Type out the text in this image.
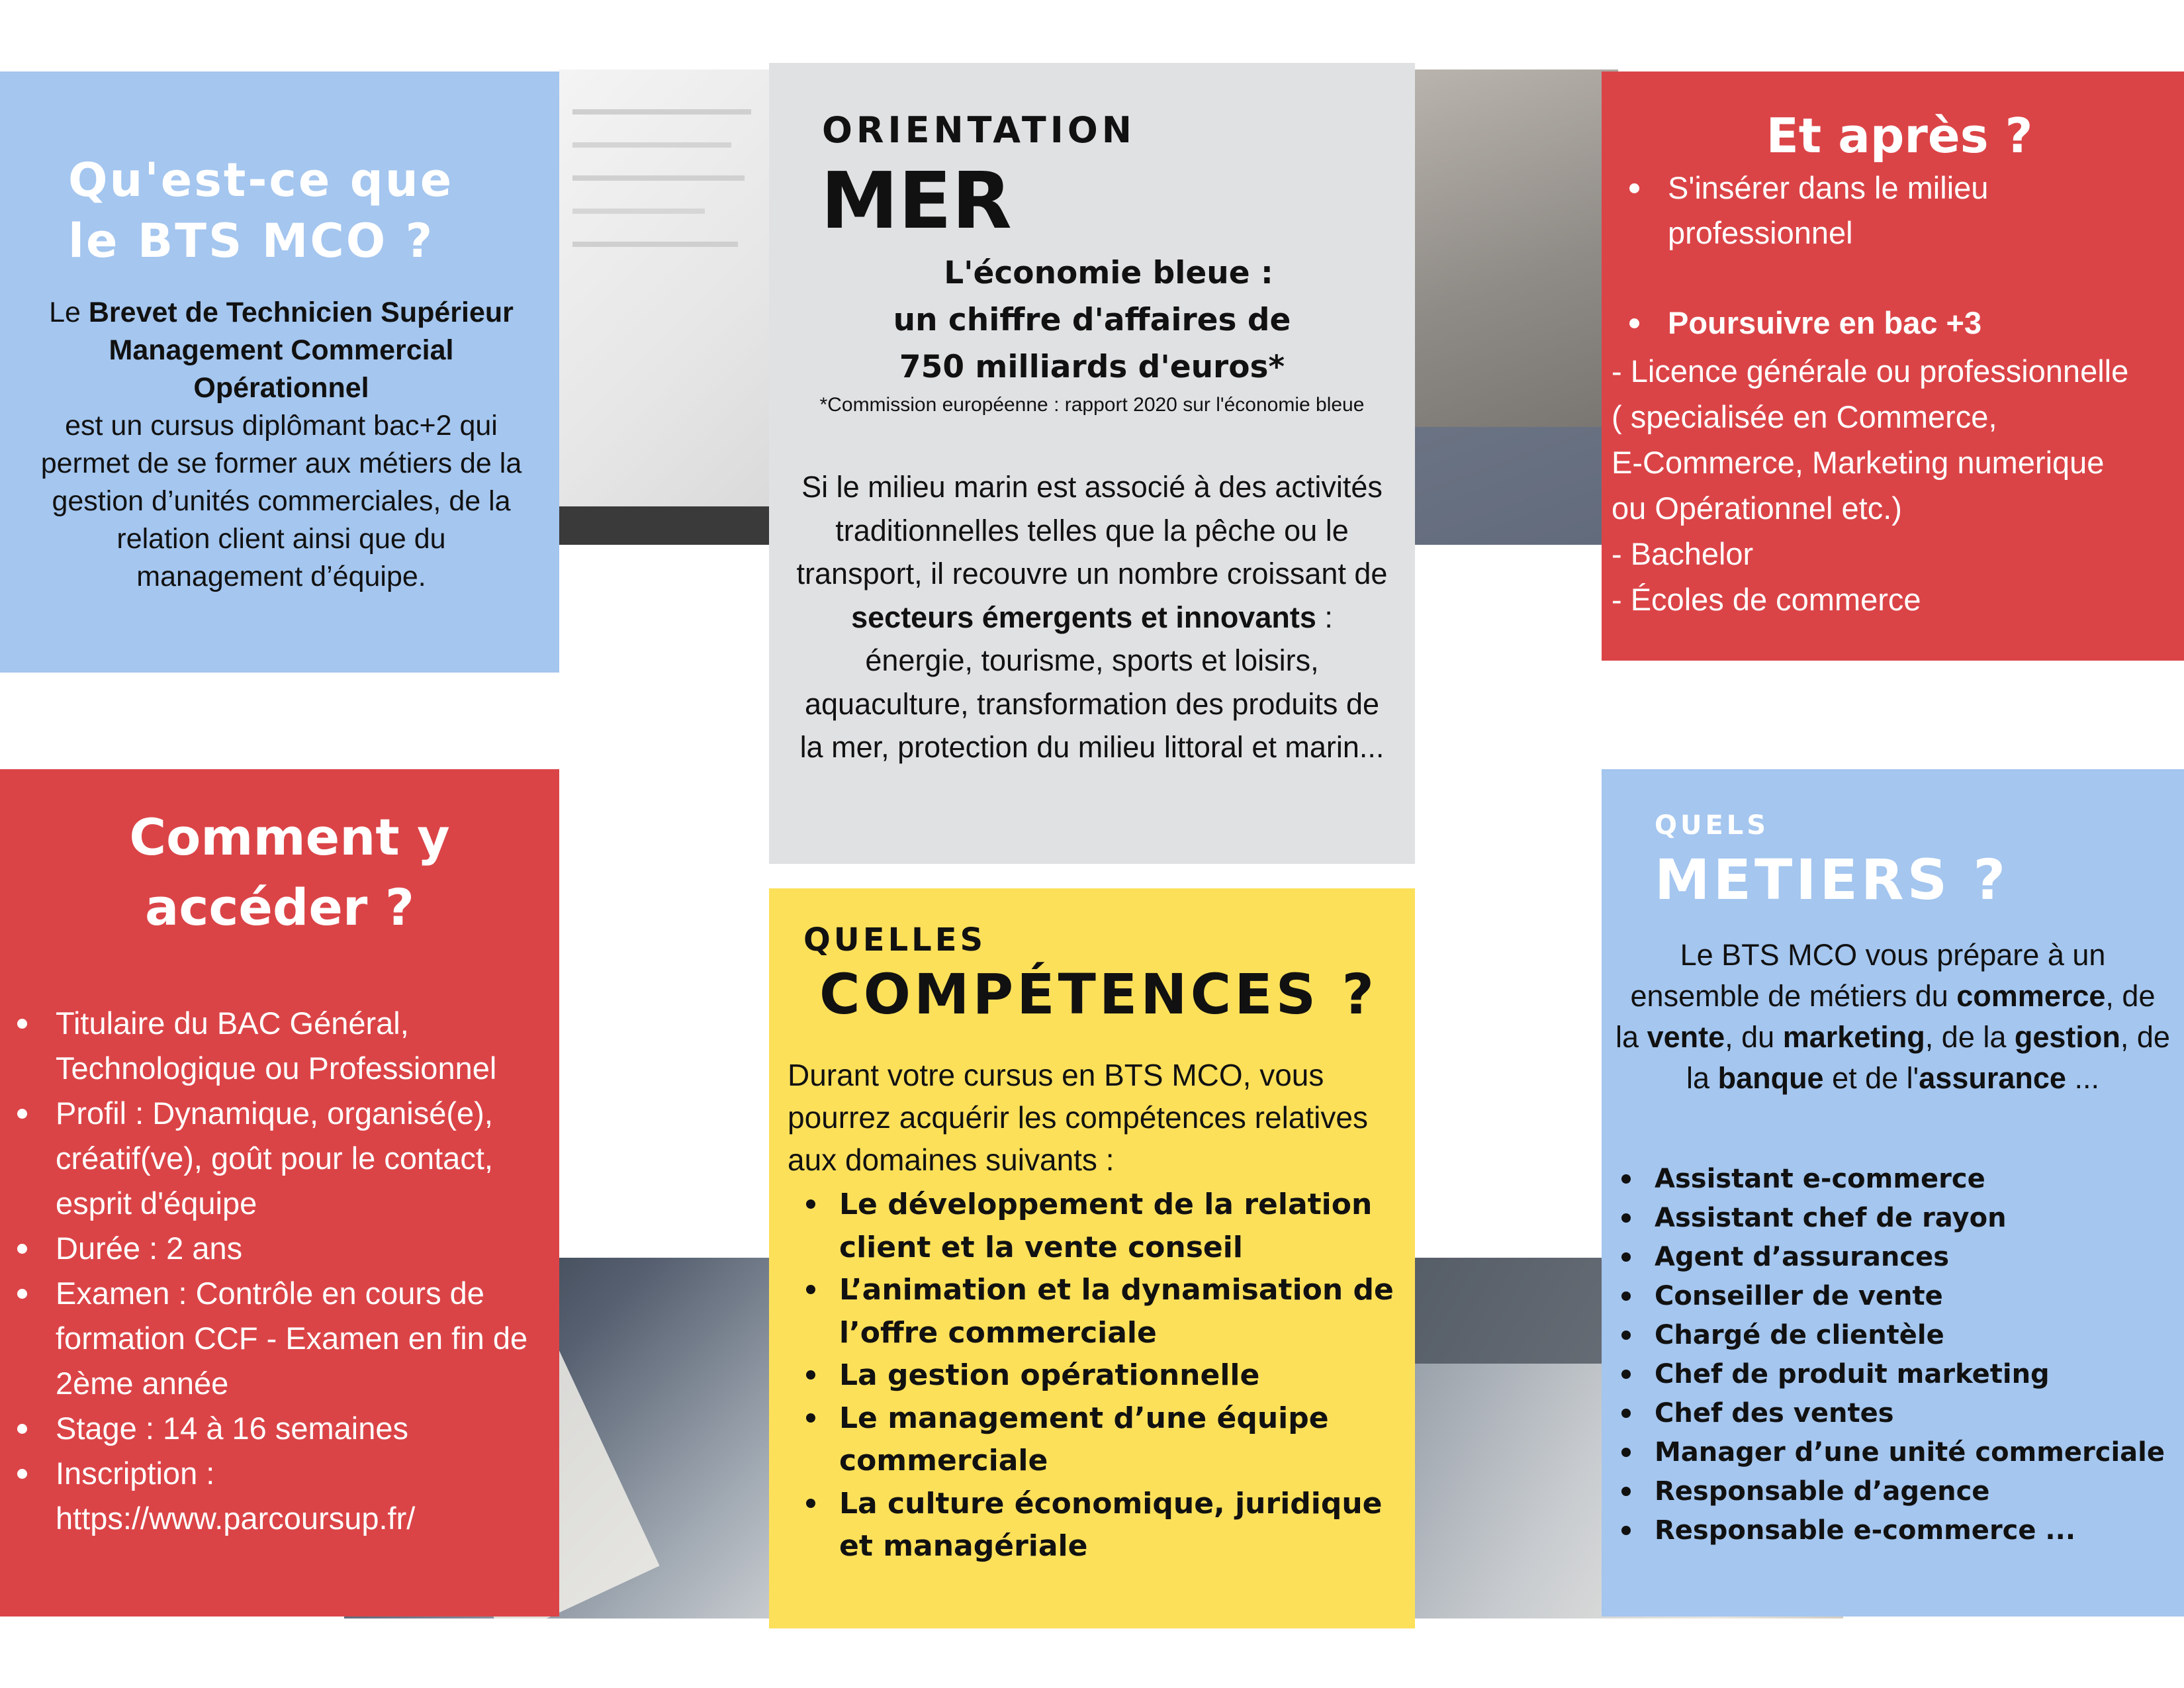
Qu'est-ce que le BTS MCO ?
Le Brevet de Technicien Supérieur Management Commercial Opérationnel
est un cursus diplômant bac+2 qui permet de se former aux métiers de la gestion d’unités commerciales, de la relation client ainsi que du management d’équipe.
ORIENTATION
MER
L'économie bleue :
un chiffre d'affaires de
750 milliards d'euros*
*Commission européenne : rapport 2020 sur l'économie bleue
Si le milieu marin est associé à des activités traditionnelles telles que la pêche ou le transport, il recouvre un nombre croissant de secteurs émergents et innovants :
énergie, tourisme, sports et loisirs, aquaculture, transformation des produits de la mer, protection du milieu littoral et marin...
Et après ?
S'insérer dans le milieu professionnel
Poursuivre en bac +3
- Licence générale ou professionnelle
( specialisée en Commerce,
E-Commerce, Marketing numerique
ou Opérationnel etc.)
- Bachelor
- Écoles de commerce
Comment y
accéder ?
Titulaire du BAC Général, Technologique ou Professionnel
Profil : Dynamique, organisé(e), créatif(ve), goût pour le contact, esprit d'équipe
Durée : 2 ans
Examen : Contrôle en cours de formation CCF - Examen en fin de 2ème année
Stage : 14 à 16 semaines
Inscription : https://www.parcoursup.fr/
QUELLES
COMPÉTENCES ?
Durant votre cursus en BTS MCO, vous pourrez acquérir les compétences relatives aux domaines suivants :
Le développement de la relation client et la vente conseil
L’animation et la dynamisation de l’offre commerciale
La gestion opérationnelle
Le management d’une équipe commerciale
La culture économique, juridique et managériale
QUELS
METIERS ?
Le BTS MCO vous prépare à un ensemble de métiers du commerce, de la vente, du marketing, de la gestion, de la banque et de l'assurance ...
Assistant e-commerce
Assistant chef de rayon
Agent d’assurances
Conseiller de vente
Chargé de clientèle
Chef de produit marketing
Chef des ventes
Manager d’une unité commerciale
Responsable d’agence
Responsable e-commerce ...
